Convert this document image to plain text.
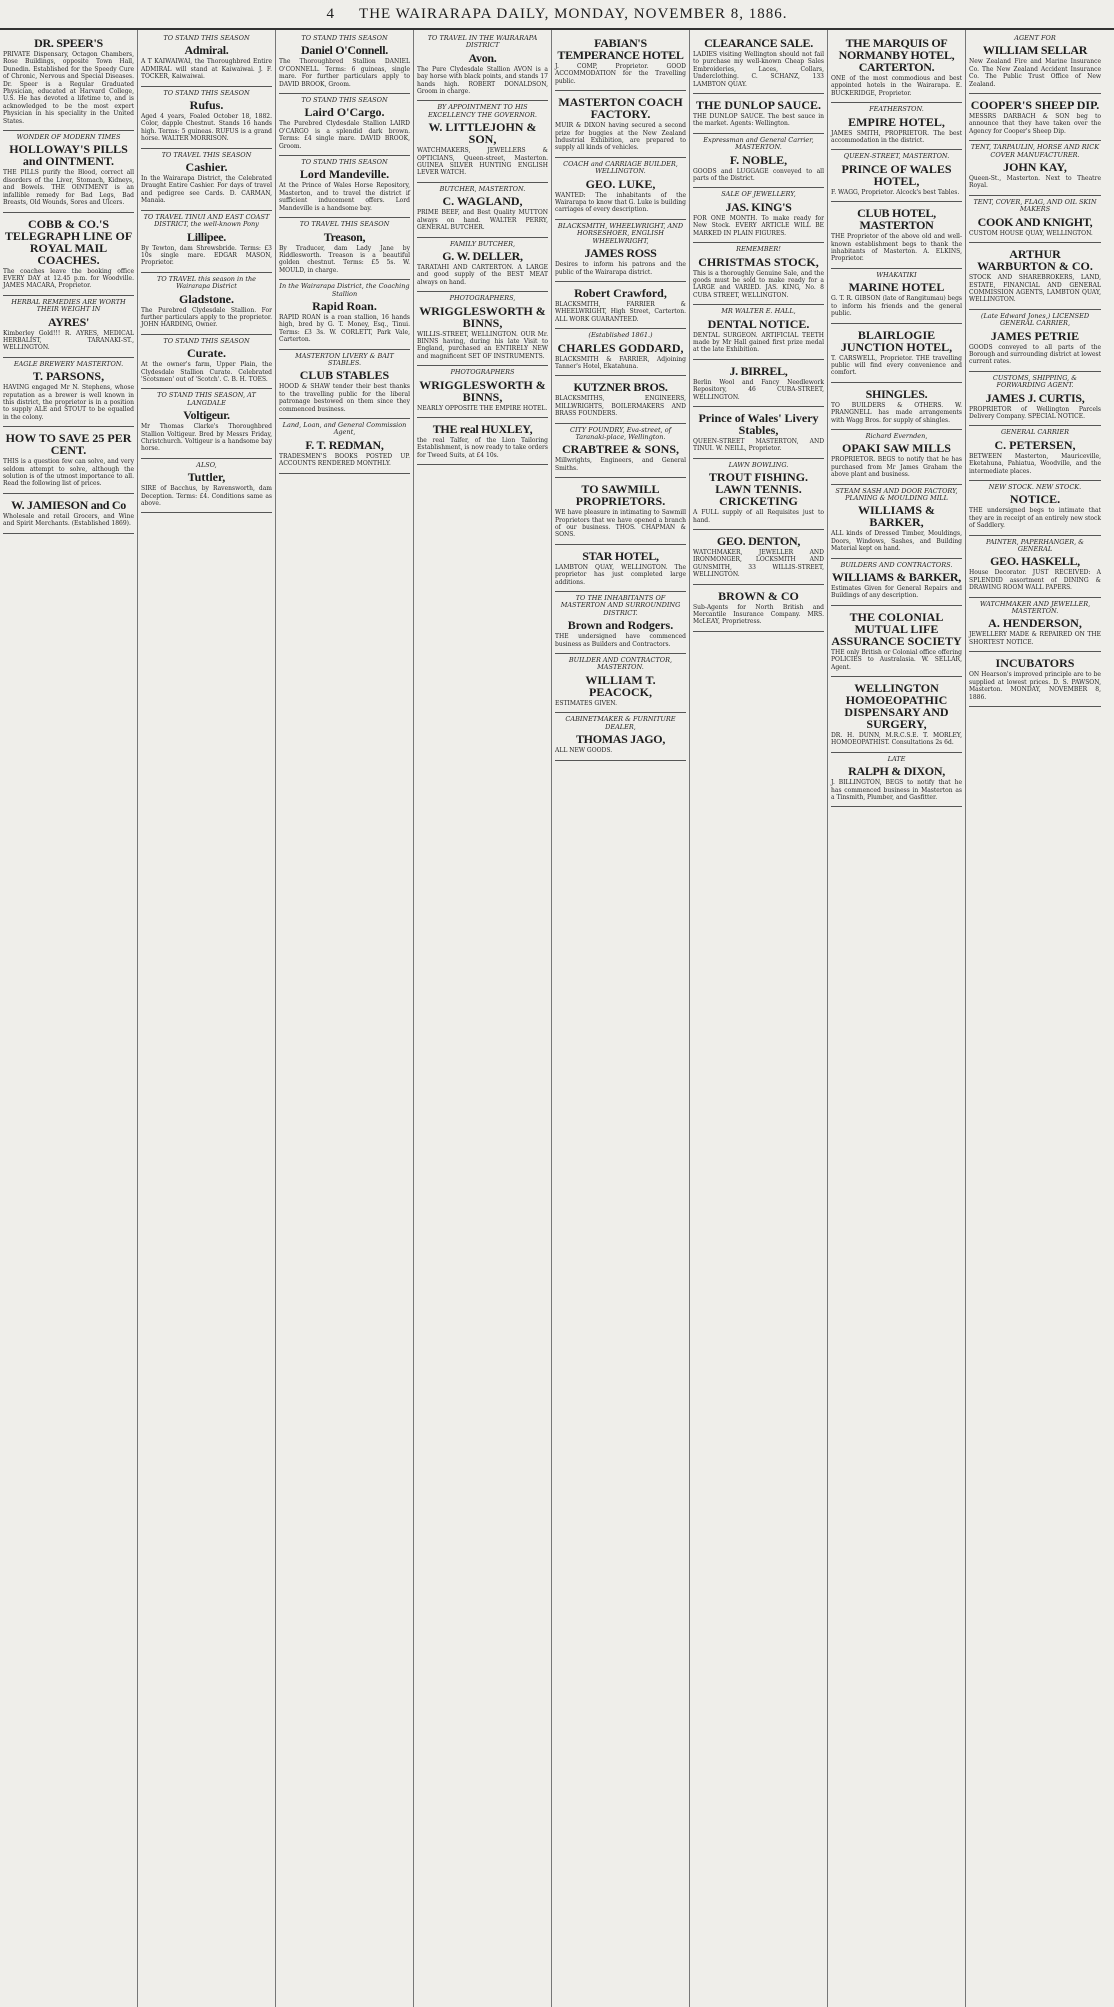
4 THE WAIRARAPA DAILY, MONDAY, NOVEMBER 8, 1886.
DR. SPEER'S

PRIVATE Dispensary, Octagon Chambers, Rose Buildings, opposite Town Hall, Dunedin. Established for the Speedy Cure of Chronic, Nervous and Special Diseases. Dr. Speer is a Regular Graduated Physician, educated at Harvard College, U.S. He has devoted a lifetime to, and is acknowledged to be the most expert Physician in his speciality in the United States.

WONDER OF MODERN TIMES
HOLLOWAY'S PILLS and OINTMENT.

THE PILLS purify the Blood, correct all disorders of the Liver, Stomach, Kidneys, and Bowels. THE OINTMENT is an infallible remedy for Bad Legs, Bad Breasts, Old Wounds, Sores and Ulcers.

COBB & CO.'S TELEGRAPH LINE OF ROYAL MAIL COACHES.

The coaches leave the booking office EVERY DAY at 12.45 p.m. for Woodville. JAMES MACARA, Proprietor.

HERBAL REMEDIES ARE WORTH THEIR WEIGHT IN
AYRES'

Kimberley Gold!!! R. AYRES, MEDICAL HERBALIST, TARANAKI-ST., WELLINGTON.

EAGLE BREWERY MASTERTON.
T. PARSONS,

HAVING engaged Mr N. Stephens, whose reputation as a brewer is well known in this district, the proprietor is in a position to supply ALE and STOUT to be equalled in the colony.

HOW TO SAVE 25 PER CENT.

THIS is a question few can solve, and very seldom attempt to solve, although the solution is of the utmost importance to all. Read the following list of prices.

W. JAMIESON and Co

Wholesale and retail Grocers, and Wine and Spirit Merchants. (Established 1869).

TO STAND THIS SEASON
Admiral.

A T KAIWAIWAI, the Thoroughbred Entire ADMIRAL will stand at Kaiwaiwai. J. F. TOCKER, Kaiwaiwai.

TO STAND THIS SEASON
Rufus.

Aged 4 years, Foaled October 18, 1882. Color, dapple Chestnut. Stands 16 hands high. Terms: 5 guineas. RUFUS is a grand horse. WALTER MORRISON.

TO TRAVEL THIS SEASON
Cashier.

In the Wairarapa District, the Celebrated Draught Entire Cashier. For days of travel and pedigree see Cards. D. CARMAN, Manaia.

TO TRAVEL TINUI AND EAST COAST DISTRICT, the well-known Pony
Lillipee.

By Tewton, dam Shrewsbride. Terms: £3 10s single mare. EDGAR MASON, Proprietor.

TO TRAVEL this season in the Wairarapa District
Gladstone.

The Purebred Clydesdale Stallion. For further particulars apply to the proprietor. JOHN HARDING, Owner.

TO STAND THIS SEASON
Curate.

At the owner's farm, Upper Plain, the Clydesdale Stallion Curate. Celebrated 'Scotsmen' out of 'Scotch'. C. B. H. TOES.

TO STAND THIS SEASON, AT LANGDALE
Voltigeur.

Mr Thomas Clarke's Thoroughbred Stallion Voltigeur. Bred by Messrs Friday, Christchurch. Voltigeur is a handsome bay horse.

ALSO,
Tuttler,

SIRE of Bacchus, by Ravensworth, dam Deception. Terms: £4. Conditions same as above.

TO STAND THIS SEASON
Daniel O'Connell.

The Thoroughbred Stallion DANIEL O'CONNELL. Terms: 6 guineas, single mare. For further particulars apply to DAVID BROOK, Groom.

TO STAND THIS SEASON
Laird O'Cargo.

The Purebred Clydesdale Stallion LAIRD O'CARGO is a splendid dark brown. Terms: £4 single mare. DAVID BROOK, Groom.

TO STAND THIS SEASON
Lord Mandeville.

At the Prince of Wales Horse Repository, Masterton, and to travel the district if sufficient inducement offers. Lord Mandeville is a handsome bay.

TO TRAVEL THIS SEASON
Treason,

By Traducer, dam Lady Jane by Riddlesworth. Treason is a beautiful golden chestnut. Terms: £5 5s. W. MOULD, in charge.

In the Wairarapa District, the Coaching Stallion
Rapid Roan.

RAPID ROAN is a roan stallion, 16 hands high, bred by G. T. Money, Esq., Tinui. Terms: £3 3s. W. CORLETT, Park Vale, Carterton.

MASTERTON LIVERY & BAIT STABLES.
CLUB STABLES

HOOD & SHAW tender their best thanks to the travelling public for the liberal patronage bestowed on them since they commenced business.

Land, Loan, and General Commission Agent,
F. T. REDMAN,

TRADESMEN'S BOOKS POSTED UP. ACCOUNTS RENDERED MONTHLY.

TO TRAVEL IN THE WAIRARAPA DISTRICT
Avon.

The Pure Clydesdale Stallion AVON is a bay horse with black points, and stands 17 hands high. ROBERT DONALDSON, Groom in charge.

BY APPOINTMENT TO HIS EXCELLENCY THE GOVERNOR.
W. LITTLEJOHN & SON,

WATCHMAKERS, JEWELLERS & OPTICIANS, Queen-street, Masterton. GUINEA SILVER HUNTING ENGLISH LEVER WATCH.

BUTCHER, MASTERTON.
C. WAGLAND,

PRIME BEEF, and Best Quality MUTTON always on hand. WALTER PERRY, GENERAL BUTCHER.

FAMILY BUTCHER,
G. W. DELLER,

TARATAHI AND CARTERTON. A LARGE and good supply of the BEST MEAT always on hand.

PHOTOGRAPHERS,
WRIGGLESWORTH & BINNS,

WILLIS-STREET, WELLINGTON. OUR Mr. BINNS having, during his late Visit to England, purchased an ENTIRELY NEW and magnificent SET OF INSTRUMENTS.

PHOTOGRAPHERS
WRIGGLESWORTH & BINNS,

NEARLY OPPOSITE THE EMPIRE HOTEL.

THE real HUXLEY,

the real Talfer, of the Lion Tailoring Establishment, is now ready to take orders for Tweed Suits, at £4 10s.

FABIAN'S TEMPERANCE HOTEL

J. COMP, Proprietor. GOOD ACCOMMODATION for the Travelling public.

MASTERTON COACH FACTORY.

MUIR & DIXON having secured a second prize for buggies at the New Zealand Industrial Exhibition, are prepared to supply all kinds of vehicles.

COACH and CARRIAGE BUILDER, WELLINGTON.
GEO. LUKE,

WANTED: The inhabitants of the Wairarapa to know that G. Luke is building carriages of every description.

BLACKSMITH, WHEELWRIGHT, AND HORSESHOER, ENGLISH WHEELWRIGHT,
JAMES ROSS

Desires to inform his patrons and the public of the Wairarapa district.

Robert Crawford,

BLACKSMITH, FARRIER & WHEELWRIGHT, High Street, Carterton. ALL WORK GUARANTEED.

(Established 1861.)
CHARLES GODDARD,

BLACKSMITH & FARRIER, Adjoining Tanner's Hotel, Ekatahuna.

KUTZNER BROS.

BLACKSMITHS, ENGINEERS, MILLWRIGHTS, BOILERMAKERS AND BRASS FOUNDERS.

CITY FOUNDRY, Eva-street, of Taranaki-place, Wellington.
CRABTREE & SONS,

Millwrights, Engineers, and General Smiths.

TO SAWMILL PROPRIETORS.

WE have pleasure in intimating to Sawmill Proprietors that we have opened a branch of our business. THOS. CHAPMAN & SONS.

STAR HOTEL,

LAMBTON QUAY, WELLINGTON. The proprietor has just completed large additions.

TO THE INHABITANTS OF MASTERTON AND SURROUNDING DISTRICT.
Brown and Rodgers.

THE undersigned have commenced business as Builders and Contractors.

BUILDER AND CONTRACTOR, MASTERTON.
WILLIAM T. PEACOCK,

ESTIMATES GIVEN.

CABINETMAKER & FURNITURE DEALER,
THOMAS JAGO,

ALL NEW GOODS.

CLEARANCE SALE.

LADIES visiting Wellington should not fail to purchase my well-known Cheap Sales Embroideries, Laces, Collars, Underclothing. C. SCHANZ, 133 LAMBTON QUAY.

THE DUNLOP SAUCE.

THE DUNLOP SAUCE. The best sauce in the market. Agents: Wellington.

Expressman and General Carrier, MASTERTON.
F. NOBLE,

GOODS and LUGGAGE conveyed to all parts of the District.

SALE OF JEWELLERY,
JAS. KING'S

FOR ONE MONTH. To make ready for New Stock. EVERY ARTICLE WILL BE MARKED IN PLAIN FIGURES.

REMEMBER!
CHRISTMAS STOCK,

This is a thoroughly Genuine Sale, and the goods must be sold to make ready for a LARGE and VARIED. JAS. KING, No. 8 CUBA STREET, WELLINGTON.

MR WALTER E. HALL,
DENTAL NOTICE.

DENTAL SURGEON. ARTIFICIAL TEETH made by Mr Hall gained first prize medal at the late Exhibition.

J. BIRREL,

Berlin Wool and Fancy Needlework Repository, 46 CUBA-STREET, WELLINGTON.

Prince of Wales' Livery Stables,

QUEEN-STREET MASTERTON, AND TINUI. W. NEILL, Proprietor.

LAWN BOWLING.
TROUT FISHING. LAWN TENNIS. CRICKETING

A FULL supply of all Requisites just to hand.

GEO. DENTON,

WATCHMAKER, JEWELLER AND IRONMONGER, LOCKSMITH AND GUNSMITH, 33 WILLIS-STREET, WELLINGTON.

BROWN & CO

Sub-Agents for North British and Mercantile Insurance Company. MRS. McLEAY, Proprietress.

THE MARQUIS OF NORMANBY HOTEL, CARTERTON.

ONE of the most commodious and best appointed hotels in the Wairarapa. E. BUCKERIDGE, Proprietor.

FEATHERSTON.
EMPIRE HOTEL,

JAMES SMITH, PROPRIETOR. The best accommodation in the district.

QUEEN-STREET, MASTERTON.
PRINCE OF WALES HOTEL,

F. WAGG, Proprietor. Alcock's best Tables.

CLUB HOTEL, MASTERTON

THE Proprietor of the above old and well-known establishment begs to thank the inhabitants of Masterton. A. ELKINS, Proprietor.

WHAKATIKI
MARINE HOTEL

G. T. R. GIBSON (late of Rangitumau) begs to inform his friends and the general public.

BLAIRLOGIE JUNCTION HOTEL,

T. CARSWELL, Proprietor. THE travelling public will find every convenience and comfort.

SHINGLES.

TO BUILDERS & OTHERS. W. PRANGNELL has made arrangements with Wagg Bros. for supply of shingles.

Richard Evernden,
OPAKI SAW MILLS

PROPRIETOR. BEGS to notify that he has purchased from Mr James Graham the above plant and business.

STEAM SASH AND DOOR FACTORY, PLANING & MOULDING MILL
WILLIAMS & BARKER,

ALL kinds of Dressed Timber, Mouldings, Doors, Windows, Sashes, and Building Material kept on hand.

BUILDERS AND CONTRACTORS.
WILLIAMS & BARKER,

Estimates Given for General Repairs and Buildings of any description.

THE COLONIAL MUTUAL LIFE ASSURANCE SOCIETY

THE only British or Colonial office offering POLICIES to Australasia. W. SELLAR, Agent.

WELLINGTON HOMOEOPATHIC DISPENSARY AND SURGERY,

DR. H. DUNN, M.R.C.S.E. T. MORLEY, HOMOEOPATHIST. Consultations 2s 6d.

LATE
RALPH & DIXON,

J. BILLINGTON, BEGS to notify that he has commenced business in Masterton as a Tinsmith, Plumber, and Gasfitter.

AGENT FOR
WILLIAM SELLAR

New Zealand Fire and Marine Insurance Co. The New Zealand Accident Insurance Co. The Public Trust Office of New Zealand.

COOPER'S SHEEP DIP.

MESSRS DARBACH & SON beg to announce that they have taken over the Agency for Cooper's Sheep Dip.

TENT, TARPAULIN, HORSE AND RICK COVER MANUFACTURER.
JOHN KAY,

Queen-St., Masterton. Next to Theatre Royal.

TENT, COVER, FLAG, AND OIL SKIN MAKERS
COOK AND KNIGHT,

CUSTOM HOUSE QUAY, WELLINGTON.

ARTHUR WARBURTON & CO.

STOCK AND SHAREBROKERS, LAND, ESTATE, FINANCIAL AND GENERAL COMMISSION AGENTS, LAMBTON QUAY, WELLINGTON.

(Late Edward Jones,) LICENSED GENERAL CARRIER,
JAMES PETRIE

GOODS conveyed to all parts of the Borough and surrounding district at lowest current rates.

CUSTOMS, SHIPPING, & FORWARDING AGENT.
JAMES J. CURTIS,

PROPRIETOR of Wellington Parcels Delivery Company. SPECIAL NOTICE.

GENERAL CARRIER
C. PETERSEN,

BETWEEN Masterton, Mauriceville, Eketahuna, Pahiatua, Woodville, and the intermediate places.

NEW STOCK. NEW STOCK.
NOTICE.

THE undersigned begs to intimate that they are in receipt of an entirely new stock of Saddlery.

PAINTER, PAPERHANGER, & GENERAL
GEO. HASKELL,

House Decorator. JUST RECEIVED: A SPLENDID assortment of DINING & DRAWING ROOM WALL PAPERS.

WATCHMAKER AND JEWELLER, MASTERTON.
A. HENDERSON,

JEWELLERY MADE & REPAIRED ON THE SHORTEST NOTICE.

INCUBATORS

ON Hearson's improved principle are to be supplied at lowest prices. D. S. PAWSON, Masterton. MONDAY, NOVEMBER 8, 1886.
